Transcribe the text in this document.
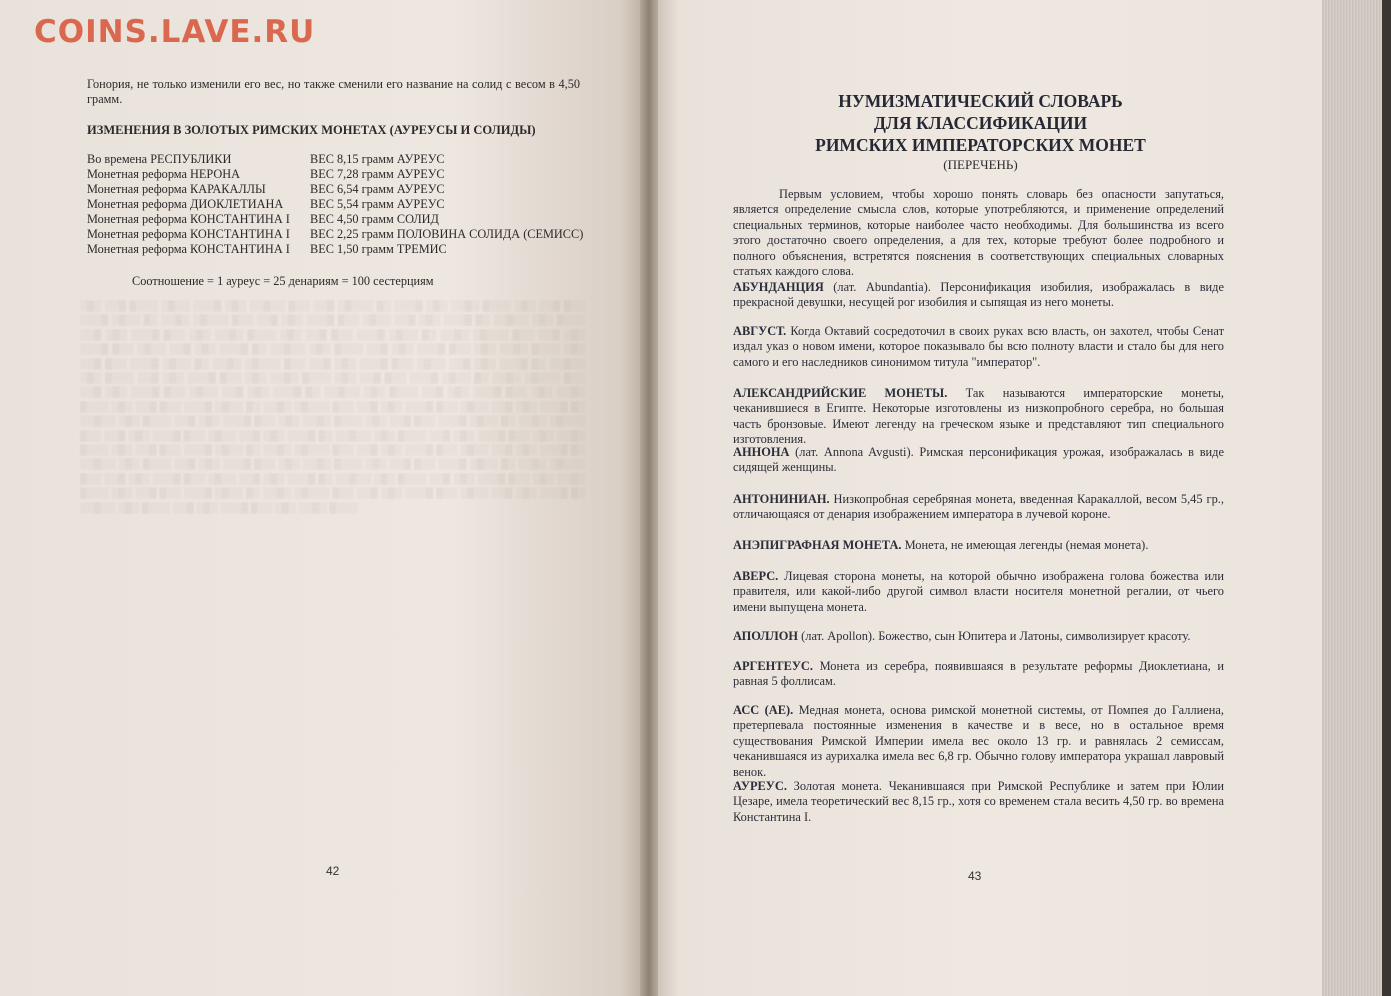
░▒░ ░░▒ ▒░░░ ░▒░░ ░░░▒ ░▒░ ░░▒░░ ▒░░ ░░▒ ░▒░░░ ▒░ ░░░▒ ░▒░ ░░▒░ ▒░░░ ░▒░ ░░▒ ▒░░ ░░░▒ ░▒░░ ▒░ ░░▒░ ░▒░░░ ▒░░ ░░▒ ░▒░ ░░░▒ ▒░░ ░▒░░ ░░▒ ░▒░ ░░░▒ ▒░ ░░▒░░ ░▒░ ▒░░░ ░░▒ ░▒░ ░░░▒ ▒░░ ░▒░ ░░▒░ ▒░░░ ░▒░ ░░▒ ▒░░ ░░░▒ ░▒░░ ▒░ ░░▒░ ░▒░░░ ▒░░ ░░▒ ░▒░ ░░░▒ ▒░░ ░▒░░ ░░▒ ░▒░ ░░░▒ ▒░ ░░▒░░ ░▒░ ▒░░░ ░░▒ ░▒░ ░░░▒ ▒░░ ░▒░ ░░▒░ ▒░░░ ░▒░ ░░▒ ▒░░ ░░░▒ ░▒░░ ▒░ ░░▒░ ░▒░░░ ▒░░ ░░▒ ░▒░ ░░░▒ ▒░░ ░▒░░ ░░▒ ░▒░ ░░░▒ ▒░ ░░▒░░ ░▒░ ▒░░░ ░░▒ ░▒░ ░░░▒ ▒░░ ░▒░ ░░▒░ ▒░░░ ░▒░ ░░▒ ▒░░ ░░░▒ ░▒░░ ▒░ ░░▒░ ░▒░░░ ▒░░ ░░▒ ░▒░ ░░░▒ ▒░░ ░▒░░ ░░▒ ░▒░ ░░░▒ ▒░ ░░▒░░ ░▒░ ▒░░░ ░░▒ ░▒░ ░░░▒ ▒░░ ░▒░ ░░▒░ ▒░░░ ░▒░ ░░▒ ▒░░ ░░░▒ ░▒░░ ▒░ ░░▒░ ░▒░░░ ▒░░ ░░▒ ░▒░ ░░░▒ ▒░░ ░▒░░ ░░▒ ░▒░ ░░░▒ ▒░ ░░▒░░ ░▒░ ▒░░░ ░░▒ ░▒░ ░░░▒ ▒░░ ░▒░ ░░▒░ ▒░░░ ░▒░ ░░▒ ▒░░ ░░░▒ ░▒░░ ▒░ ░░▒░ ░▒░░░ ▒░░ ░░▒ ░▒░ ░░░▒ ▒░░ ░▒░░ ░░▒ ░▒░ ░░░▒ ▒░ ░░▒░░ ░▒░ ▒░░░ ░░▒ ░▒░ ░░░▒ ▒░░ ░▒░ ░░▒░ ▒░░░ ░▒░ ░░▒ ▒░░ ░░░▒ ░▒░░ ▒░ ░░▒░ ░▒░░░ ▒░░ ░░▒ ░▒░ ░░░▒ ▒░░ ░▒░░ ░░▒ ░▒░ ░░░▒ ▒░ ░░▒░░ ░▒░ ▒░░░ ░░▒ ░▒░ ░░░▒ ▒░░ ░▒░ ░░▒░ ▒░░░ ░▒░ ░░▒ ▒░░ ░░░▒ ░▒░░ ▒░ ░░▒░ ░▒░░░ ▒░░ ░░▒ ░▒░ ░░░▒ ▒░░ ░▒░░ ░░▒ ░▒░ ░░░▒ ▒░ ░░▒░░ ░▒░ ▒░░░ ░░▒ ░▒░ ░░░▒ ▒░░ ░▒░ ░░▒░ ▒░░░ ░▒░ ░░▒ ▒░░ ░░░▒ ░▒░░ ▒░ ░░▒░ ░▒░░░ ▒░░ ░░▒ ░▒░ ░░░▒ ▒░░ ░▒░░ ░░▒ ░▒░ ░░░▒ ▒░ ░░▒░░ ░▒░ ▒░░░ ░░▒ ░▒░ ░░░▒ ▒░░ ░▒░ ░░▒░ ▒░░░
COINS.LAVE.RU
Гонория, не только изменили его вес, но также сменили его название на солид с весом в 4,50 грамм.
ИЗМЕНЕНИЯ В ЗОЛОТЫХ РИМСКИХ МОНЕТАХ (АУРЕУСЫ И СОЛИДЫ)
Во времена РЕСПУБЛИКИ	ВЕС 8,15 грамм АУРЕУС
Монетная реформа НЕРОНА	ВЕС 7,28 грамм АУРЕУС
Монетная реформа КАРАКАЛЛЫ	ВЕС 6,54 грамм АУРЕУС
Монетная реформа ДИОКЛЕТИАНА ВЕС 5,54 грамм АУРЕУС
Монетная реформа КОНСТАНТИНА I ВЕС 4,50 грамм СОЛИД
Монетная реформа КОНСТАНТИНА I ВЕС 2,25 грамм ПОЛОВИНА СОЛИДА (СЕМИСС)
Монетная реформа КОНСТАНТИНА I ВЕС 1,50 грамм ТРЕМИС
Соотношение = 1 ауреус = 25 денариям = 100 сестерциям
42
НУМИЗМАТИЧЕСКИЙ СЛОВАРЬ
ДЛЯ КЛАССИФИКАЦИИ
РИМСКИХ ИМПЕРАТОРСКИХ МОНЕТ
(ПЕРЕЧЕНЬ)
Первым условием, чтобы хорошо понять словарь без опасности запутаться, является определение смысла слов, которые употребляются, и применение определений специальных терминов, которые наиболее часто необходимы. Для большинства из всего этого достаточно своего определения, а для тех, которые требуют более подробного и полного объяснения, встретятся пояснения в соответствующих специальных словарных статьях каждого слова.
АБУНДАНЦИЯ (лат. Abundantia). Персонификация изобилия, изображалась в виде прекрасной девушки, несущей рог изобилия и сыпящая из него монеты.
АВГУСТ. Когда Октавий сосредоточил в своих руках всю власть, он захотел, чтобы Сенат издал указ о новом имени, которое показывало бы всю полноту власти и стало бы для него самого и его наследников синонимом титула "император".
АЛЕКСАНДРИЙСКИЕ МОНЕТЫ. Так называются императорские монеты, чеканившиеся в Египте. Некоторые изготовлены из низкопробного серебра, но большая часть бронзовые. Имеют легенду на греческом языке и представляют тип специального изготовления.
АННОНА (лат. Annona Avgusti). Римская персонификация урожая, изображалась в виде сидящей женщины.
АНТОНИНИАН. Низкопробная серебряная монета, введенная Каракаллой, весом 5,45 гр., отличающаяся от денария изображением императора в лучевой короне.
АНЭПИГРАФНАЯ МОНЕТА. Монета, не имеющая легенды (немая монета).
АВЕРС. Лицевая сторона монеты, на которой обычно изображена голова божества или правителя, или какой-либо другой символ власти носителя монетной регалии, от чьего имени выпущена монета.
АПОЛЛОН (лат. Apollon). Божество, сын Юпитера и Латоны, символизирует красоту.
АРГЕНТЕУС. Монета из серебра, появившаяся в результате реформы Диоклетиана, и равная 5 фоллисам.
АСС (AE). Медная монета, основа римской монетной системы, от Помпея до Галлиена, претерпевала постоянные изменения в качестве и в весе, но в остальное время существования Римской Империи имела вес около 13 гр. и равнялась 2 семиссам, чеканившаяся из аурихалка имела вес 6,8 гр. Обычно голову императора украшал лавровый венок.
АУРЕУС. Золотая монета. Чеканившаяся при Римской Республике и затем при Юлии Цезаре, имела теоретический вес 8,15 гр., хотя со временем стала весить 4,50 гр. во времена Константина I.
43
